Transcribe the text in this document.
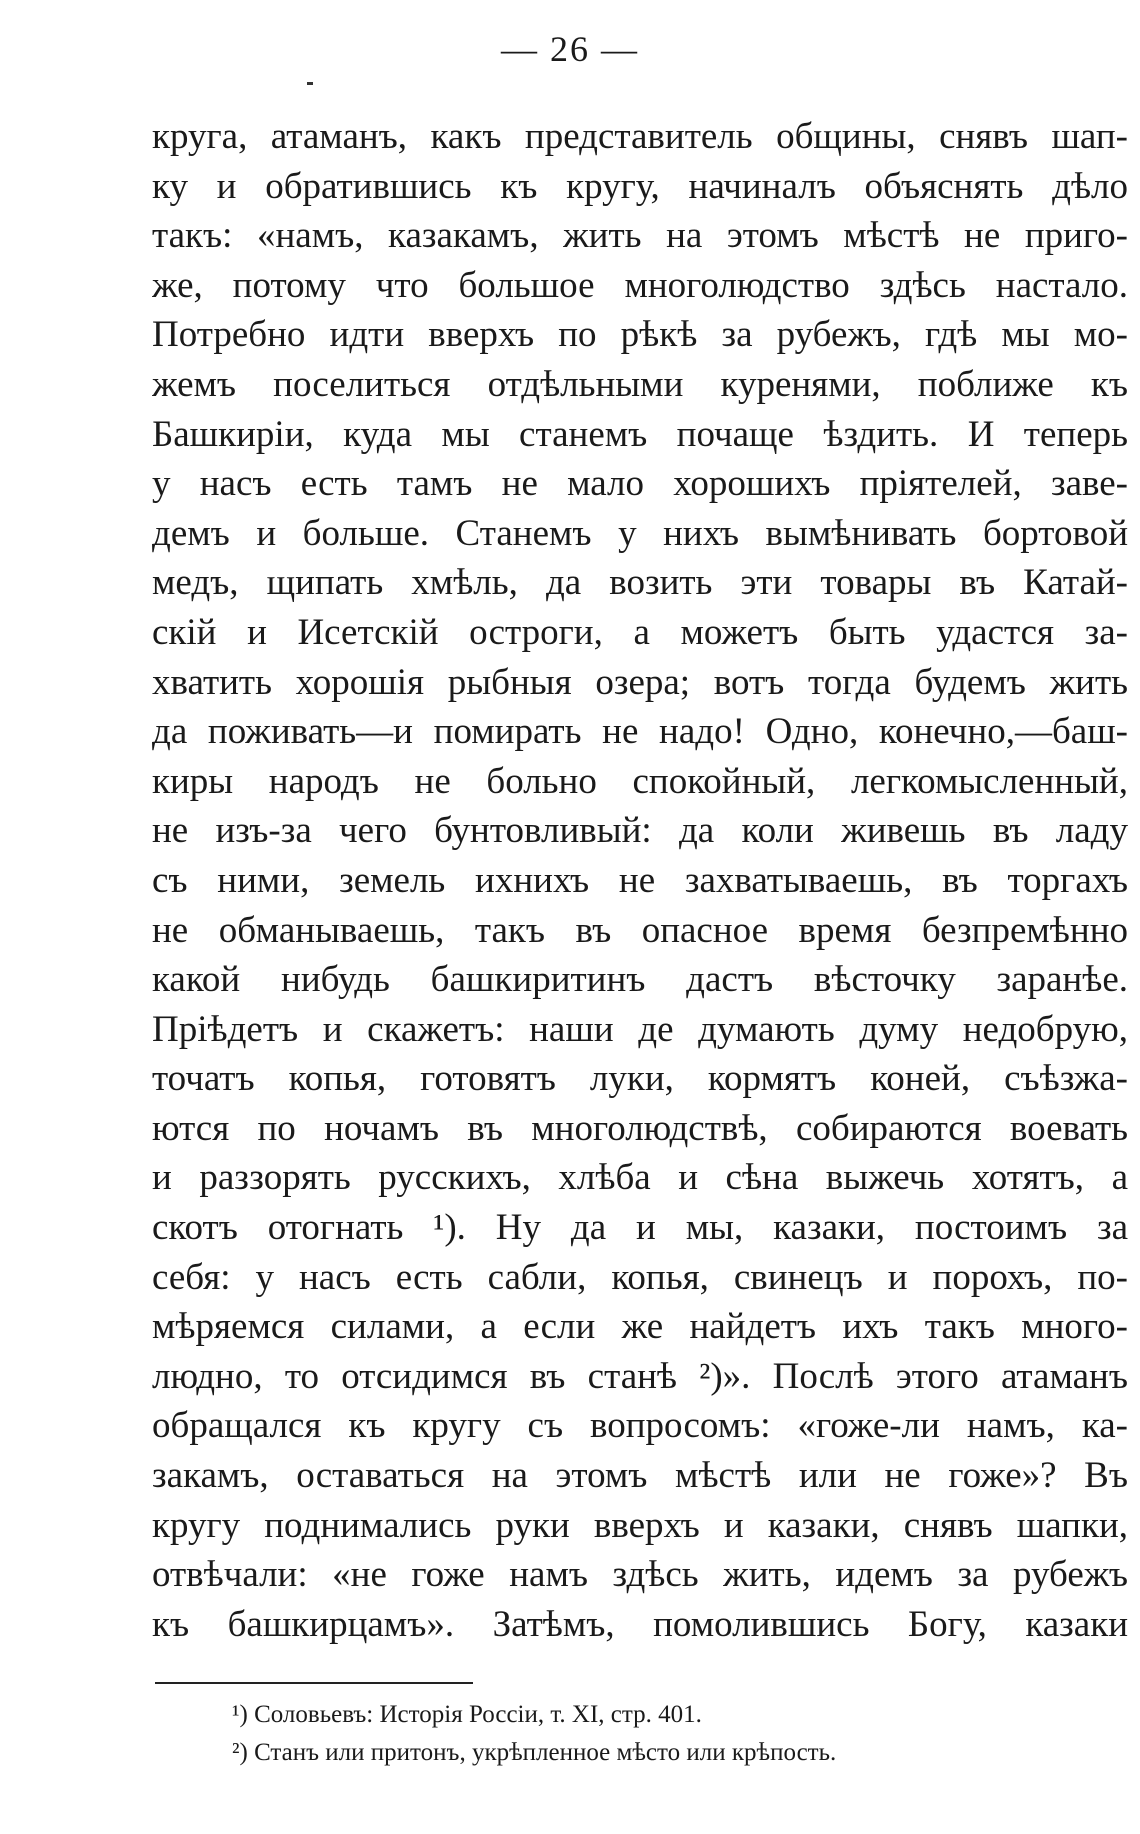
— 26 —
круга, атаманъ, какъ представитель общины, снявъ шап-
ку и обратившись къ кругу, начиналъ объяснять дѣло
такъ: «намъ, казакамъ, жить на этомъ мѣстѣ не приго-
же, потому что большое многолюдство здѣсь настало.
Потребно идти вверхъ по рѣкѣ за рубежъ, гдѣ мы мо-
жемъ поселиться отдѣльными куренями, поближе къ
Башкиріи, куда мы станемъ почаще ѣздить. И теперь
у насъ есть тамъ не мало хорошихъ пріятелей, заве-
демъ и больше. Станемъ у нихъ вымѣнивать бортовой
медъ, щипать хмѣль, да возить эти товары въ Катай-
скій и Исетскій остроги, а можетъ быть удастся за-
хватить хорошія рыбныя озера; вотъ тогда будемъ жить
да поживать—и помирать не надо! Одно, конечно,—баш-
киры народъ не больно спокойный, легкомысленный,
не изъ-за чего бунтовливый: да коли живешь въ ладу
съ ними, земель ихнихъ не захватываешь, въ торгахъ
не обманываешь, такъ въ опасное время безпремѣнно
какой нибудь башкиритинъ дастъ вѣсточку заранѣе.
Пріѣдетъ и скажетъ: наши де думають думу недобрую,
точатъ копья, готовятъ луки, кормятъ коней, съѣзжа-
ются по ночамъ въ многолюдствѣ, собираются воевать
и раззорять русскихъ, хлѣба и сѣна выжечь хотятъ, а
скотъ отогнать ¹). Ну да и мы, казаки, постоимъ за
себя: у насъ есть сабли, копья, свинецъ и порохъ, по-
мѣряемся силами, а если же найдетъ ихъ такъ много-
людно, то отсидимся въ станѣ ²)». Послѣ этого атаманъ
обращался къ кругу съ вопросомъ: «гоже-ли намъ, ка-
закамъ, оставаться на этомъ мѣстѣ или не гоже»? Въ
кругу поднимались руки вверхъ и казаки, снявъ шапки,
отвѣчали: «не гоже намъ здѣсь жить, идемъ за рубежъ
къ башкирцамъ». Затѣмъ, помолившись Богу, казаки
¹) Соловьевъ: Исторія Россіи, т. XI, стр. 401.
²) Станъ или притонъ, укрѣпленное мѣсто или крѣпость.
